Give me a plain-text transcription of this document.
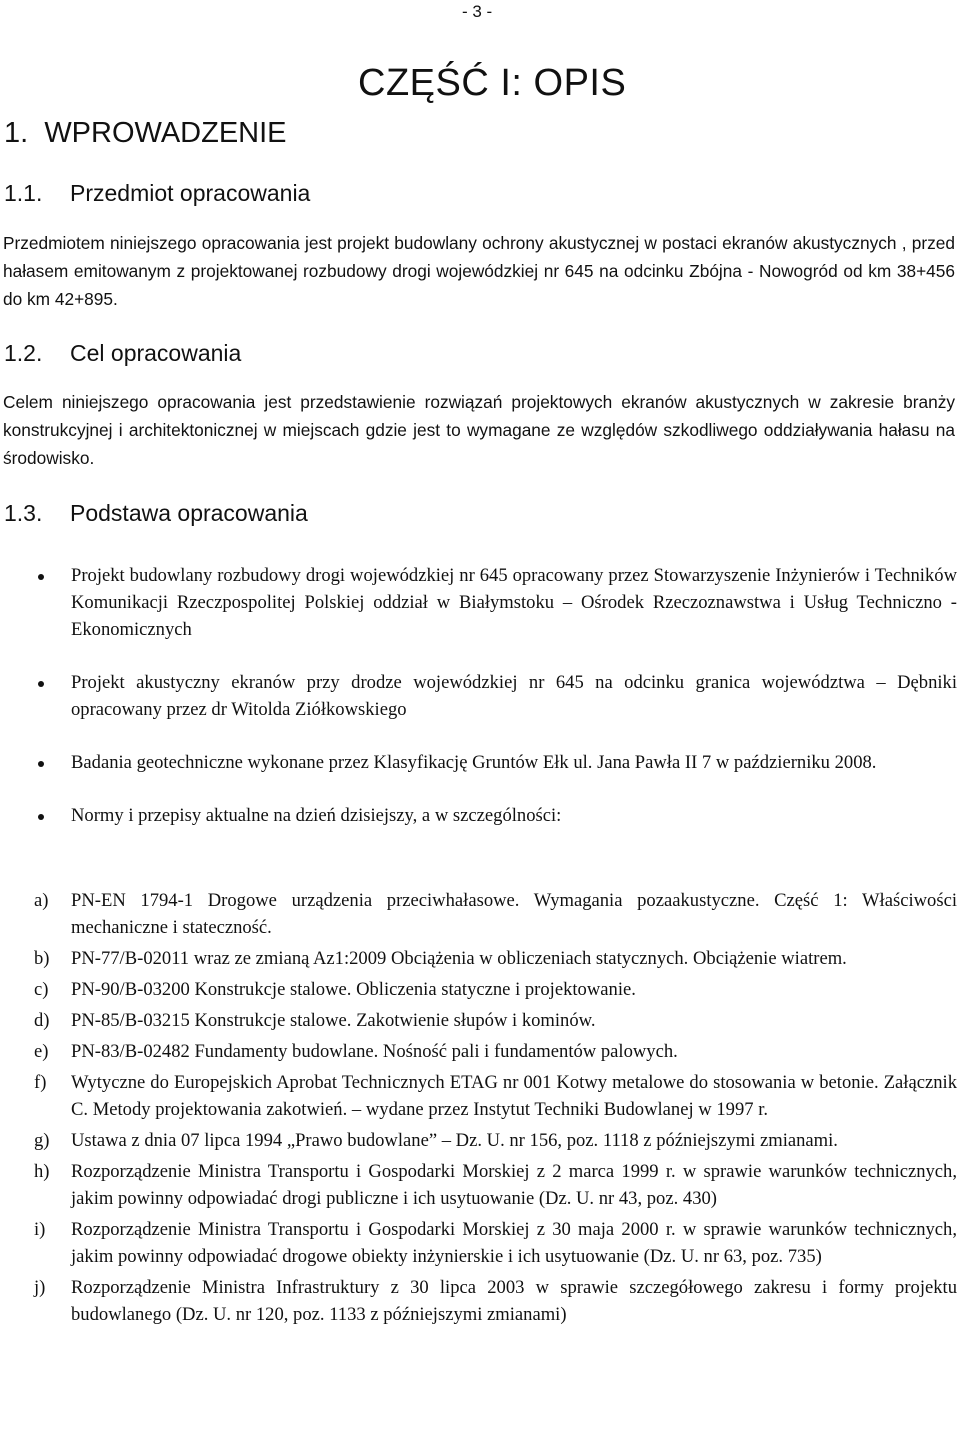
- 3 -
CZĘŚĆ I: OPIS
1. WPROWADZENIE
1.1. Przedmiot opracowania

Przedmiotem niniejszego opracowania jest projekt budowlany ochrony akustycznej w postaci ekranów akustycznych , przed hałasem emitowanym z projektowanej rozbudowy drogi wojewódzkiej nr 645 na odcinku Zbójna - Nowogród od km 38+456 do km 42+895.

1.2. Cel opracowania

Celem niniejszego opracowania jest przedstawienie rozwiązań projektowych ekranów akustycznych w zakresie branży konstrukcyjnej i architektonicznej w miejscach gdzie jest to wymagane ze względów szkodliwego oddziaływania hałasu na środowisko.

1.3. Podstawa opracowania
Projekt budowlany rozbudowy drogi wojewódzkiej nr 645 opracowany przez Stowarzyszenie Inżynierów i Techników Komunikacji Rzeczpospolitej Polskiej oddział w Białymstoku – Ośrodek Rzeczoznawstwa i Usług Techniczno - Ekonomicznych
Projekt akustyczny ekranów przy drodze wojewódzkiej nr 645 na odcinku granica województwa – Dębniki opracowany przez dr Witolda Ziółkowskiego
Badania geotechniczne wykonane przez Klasyfikację Gruntów Ełk ul. Jana Pawła II 7 w październiku 2008.
Normy i przepisy aktualne na dzień dzisiejszy, a w szczególności:
a) PN-EN 1794-1 Drogowe urządzenia przeciwhałasowe. Wymagania pozaakustyczne. Część 1: Właściwości mechaniczne i stateczność.
b) PN-77/B-02011 wraz ze zmianą Az1:2009 Obciążenia w obliczeniach statycznych. Obciążenie wiatrem.
c) PN-90/B-03200 Konstrukcje stalowe. Obliczenia statyczne i projektowanie.
d) PN-85/B-03215 Konstrukcje stalowe. Zakotwienie słupów i kominów.
e) PN-83/B-02482 Fundamenty budowlane. Nośność pali i fundamentów palowych.
f) Wytyczne do Europejskich Aprobat Technicznych ETAG nr 001 Kotwy metalowe do stosowania w betonie. Załącznik C. Metody projektowania zakotwień. – wydane przez Instytut Techniki Budowlanej w 1997 r.
g) Ustawa z dnia 07 lipca 1994 „Prawo budowlane” – Dz. U. nr 156, poz. 1118 z późniejszymi zmianami.
h) Rozporządzenie Ministra Transportu i Gospodarki Morskiej z 2 marca 1999 r. w sprawie warunków technicznych, jakim powinny odpowiadać drogi publiczne i ich usytuowanie (Dz. U. nr 43, poz. 430)
i) Rozporządzenie Ministra Transportu i Gospodarki Morskiej z 30 maja 2000 r. w sprawie warunków technicznych, jakim powinny odpowiadać drogowe obiekty inżynierskie i ich usytuowanie (Dz. U. nr 63, poz. 735)
j) Rozporządzenie Ministra Infrastruktury z 30 lipca 2003 w sprawie szczegółowego zakresu i formy projektu budowlanego (Dz. U. nr 120, poz. 1133 z późniejszymi zmianami)
